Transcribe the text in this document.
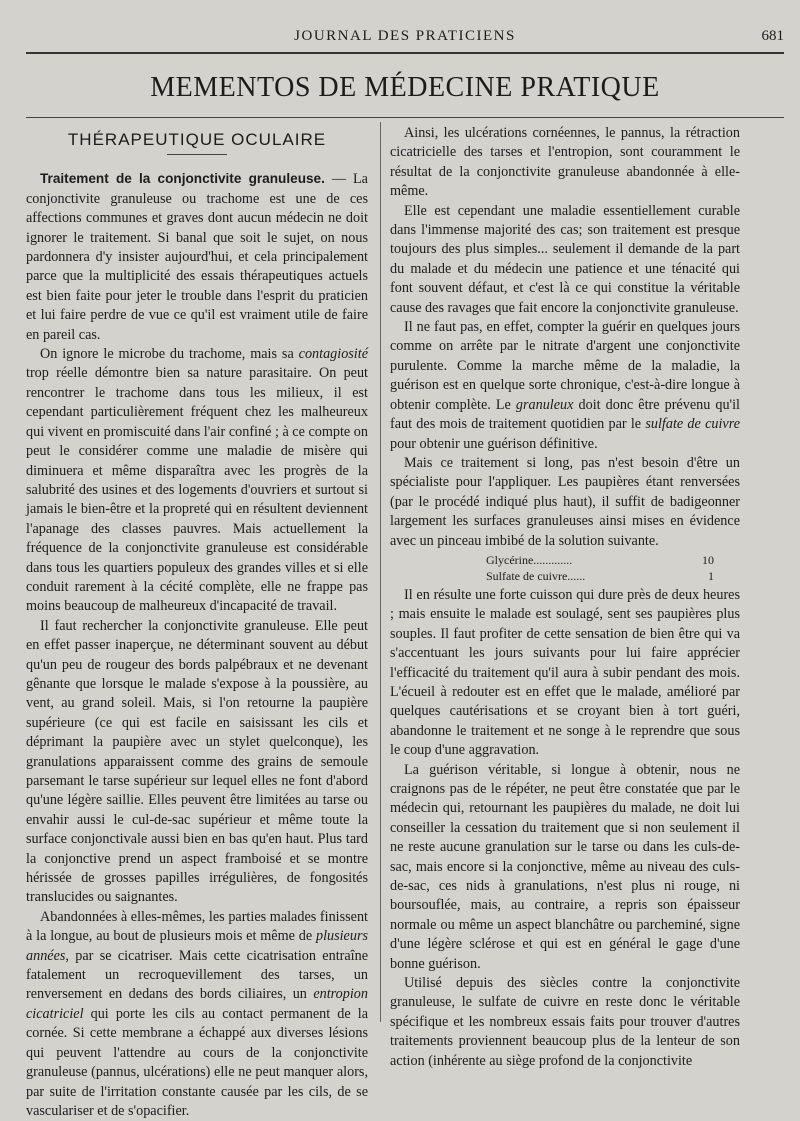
JOURNAL DES PRATICIENS	681
MEMENTOS DE MÉDECINE PRATIQUE
THÉRAPEUTIQUE OCULAIRE

Traitement de la conjonctivite granuleuse. — La conjonctivite granuleuse ou trachome est une de ces affections communes et graves dont aucun médecin ne doit ignorer le traitement. Si banal que soit le sujet, on nous pardonnera d'y insister aujourd'hui, et cela principalement parce que la multiplicité des essais thérapeutiques actuels est bien faite pour jeter le trouble dans l'esprit du praticien et lui faire perdre de vue ce qu'il est vraiment utile de faire en pareil cas.

On ignore le microbe du trachome, mais sa contagiosité trop réelle démontre bien sa nature parasitaire. On peut rencontrer le trachome dans tous les milieux, il est cependant particulièrement fréquent chez les malheureux qui vivent en promiscuité dans l'air confiné ; à ce compte on peut le considérer comme une maladie de misère qui diminuera et même disparaîtra avec les progrès de la salubrité des usines et des logements d'ouvriers et surtout si jamais le bien-être et la propreté qui en résultent deviennent l'apanage des classes pauvres. Mais actuellement la fréquence de la conjonctivite granuleuse est considérable dans tous les quartiers populeux des grandes villes et si elle conduit rarement à la cécité complète, elle ne frappe pas moins beaucoup de malheureux d'incapacité de travail.

Il faut rechercher la conjonctivite granuleuse. Elle peut en effet passer inaperçue, ne déterminant souvent au début qu'un peu de rougeur des bords palpébraux et ne devenant gênante que lorsque le malade s'expose à la poussière, au vent, au grand soleil. Mais, si l'on retourne la paupière supérieure (ce qui est facile en saisissant les cils et déprimant la paupière avec un stylet quelconque), les granulations apparaissent comme des grains de semoule parsemant le tarse supérieur sur lequel elles ne font d'abord qu'une légère saillie. Elles peuvent être limitées au tarse ou envahir aussi le cul-de-sac supérieur et même toute la surface conjonctivale aussi bien en bas qu'en haut. Plus tard la conjonctive prend un aspect framboisé et se montre hérissée de grosses papilles irrégulières, de fongosités translucides ou saignantes.

Abandonnées à elles-mêmes, les parties malades finissent à la longue, au bout de plusieurs mois et même de plusieurs années, par se cicatriser. Mais cette cicatrisation entraîne fatalement un recroquevillement des tarses, un renversement en dedans des bords ciliaires, un entropion cicatriciel qui porte les cils au contact permanent de la cornée. Si cette membrane a échappé aux diverses lésions qui peuvent l'attendre au cours de la conjonctivite granuleuse (pannus, ulcérations) elle ne peut manquer alors, par suite de l'irritation constante causée par les cils, de se vasculariser et de s'opacifier.

Ainsi, les ulcérations cornéennes, le pannus, la rétraction cicatricielle des tarses et l'entropion, sont couramment le résultat de la conjonctivite granuleuse abandonnée à elle-même.

Elle est cependant une maladie essentiellement curable dans l'immense majorité des cas; son traitement est presque toujours des plus simples... seulement il demande de la part du malade et du médecin une patience et une ténacité qui font souvent défaut, et c'est là ce qui constitue la véritable cause des ravages que fait encore la conjonctivite granuleuse.

Il ne faut pas, en effet, compter la guérir en quelques jours comme on arrête par le nitrate d'argent une conjonctivite purulente. Comme la marche même de la maladie, la guérison est en quelque sorte chronique, c'est-à-dire longue à obtenir complète. Le granuleux doit donc être prévenu qu'il faut des mois de traitement quotidien par le sulfate de cuivre pour obtenir une guérison définitive.

Mais ce traitement si long, pas n'est besoin d'être un spécialiste pour l'appliquer. Les paupières étant renversées (par le procédé indiqué plus haut), il suffit de badigeonner largement les surfaces granuleuses ainsi mises en évidence avec un pinceau imbibé de la solution suivante.

Glycérine.............	10
Sulfate de cuivre......	1

Il en résulte une forte cuisson qui dure près de deux heures ; mais ensuite le malade est soulagé, sent ses paupières plus souples. Il faut profiter de cette sensation de bien être qui va s'accentuant les jours suivants pour lui faire apprécier l'efficacité du traitement qu'il aura à subir pendant des mois. L'écueil à redouter est en effet que le malade, amélioré par quelques cautérisations et se croyant bien à tort guéri, abandonne le traitement et ne songe à le reprendre que sous le coup d'une aggravation.

La guérison véritable, si longue à obtenir, nous ne craignons pas de le répéter, ne peut être constatée que par le médecin qui, retournant les paupières du malade, ne doit lui conseiller la cessation du traitement que si non seulement il ne reste aucune granulation sur le tarse ou dans les culs-de-sac, mais encore si la conjonctive, même au niveau des culs-de-sac, ces nids à granulations, n'est plus ni rouge, ni boursouflée, mais, au contraire, a repris son épaisseur normale ou même un aspect blanchâtre ou parcheminé, signe d'une légère sclérose et qui est en général le gage d'une bonne guérison.

Utilisé depuis des siècles contre la conjonctivite granuleuse, le sulfate de cuivre en reste donc le véritable spécifique et les nombreux essais faits pour trouver d'autres traitements proviennent beaucoup plus de la lenteur de son action (inhérente au siège profond de la conjonctivite
